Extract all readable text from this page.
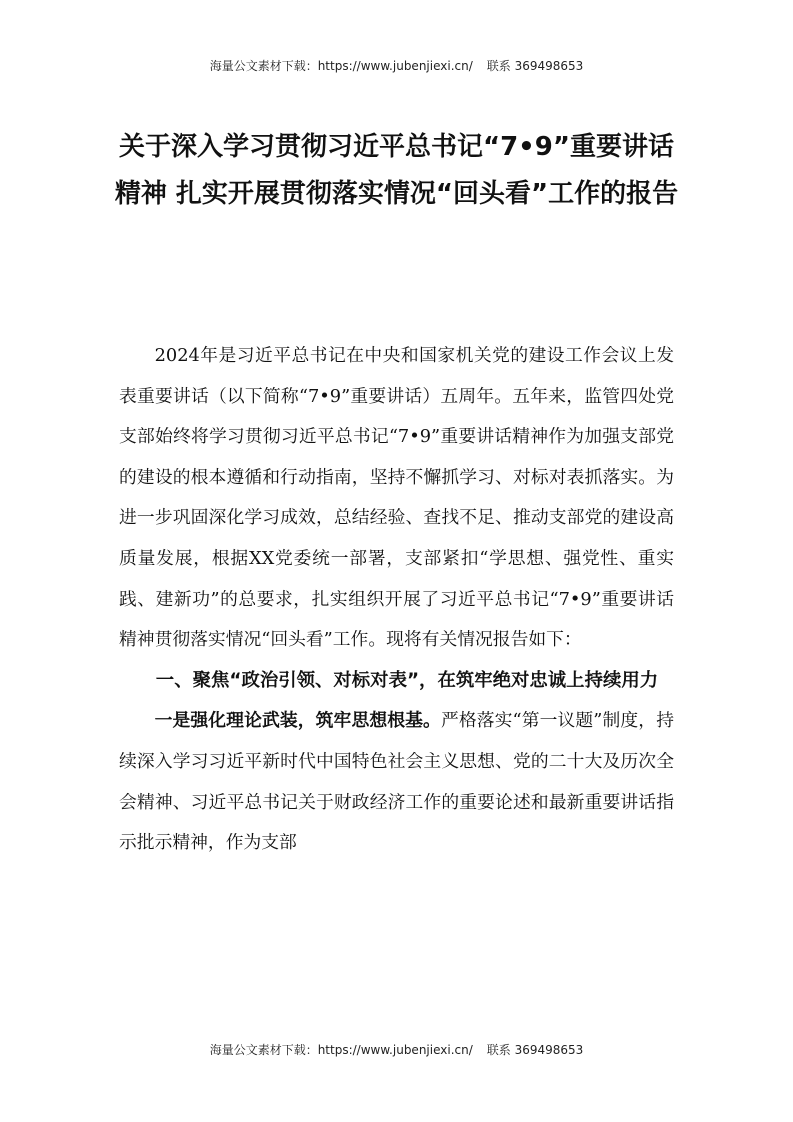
海量公文素材下载：https://www.jubenjiexi.cn/ 联系 369498653
关于深入学习贯彻习近平总书记“7•9”重要讲话精神 扎实开展贯彻落实情况“回头看”工作的报告

2024年是习近平总书记在中央和国家机关党的建设工作会议上发表重要讲话（以下简称“7•9”重要讲话）五周年。五年来，监管四处党支部始终将学习贯彻习近平总书记“7•9”重要讲话精神作为加强支部党的建设的根本遵循和行动指南，坚持不懈抓学习、对标对表抓落实。为进一步巩固深化学习成效，总结经验、查找不足、推动支部党的建设高质量发展，根据XX党委统一部署，支部紧扣“学思想、强党性、重实践、建新功”的总要求，扎实组织开展了习近平总书记“7•9”重要讲话精神贯彻落实情况“回头看”工作。现将有关情况报告如下：

一、聚焦“政治引领、对标对表”，在筑牢绝对忠诚上持续用力

一是强化理论武装，筑牢思想根基。严格落实“第一议题”制度，持续深入学习习近平新时代中国特色社会主义思想、党的二十大及历次全会精神、习近平总书记关于财政经济工作的重要论述和最新重要讲话指示批示精神，作为支部

海量公文素材下载：https://www.jubenjiexi.cn/ 联系 369498653
